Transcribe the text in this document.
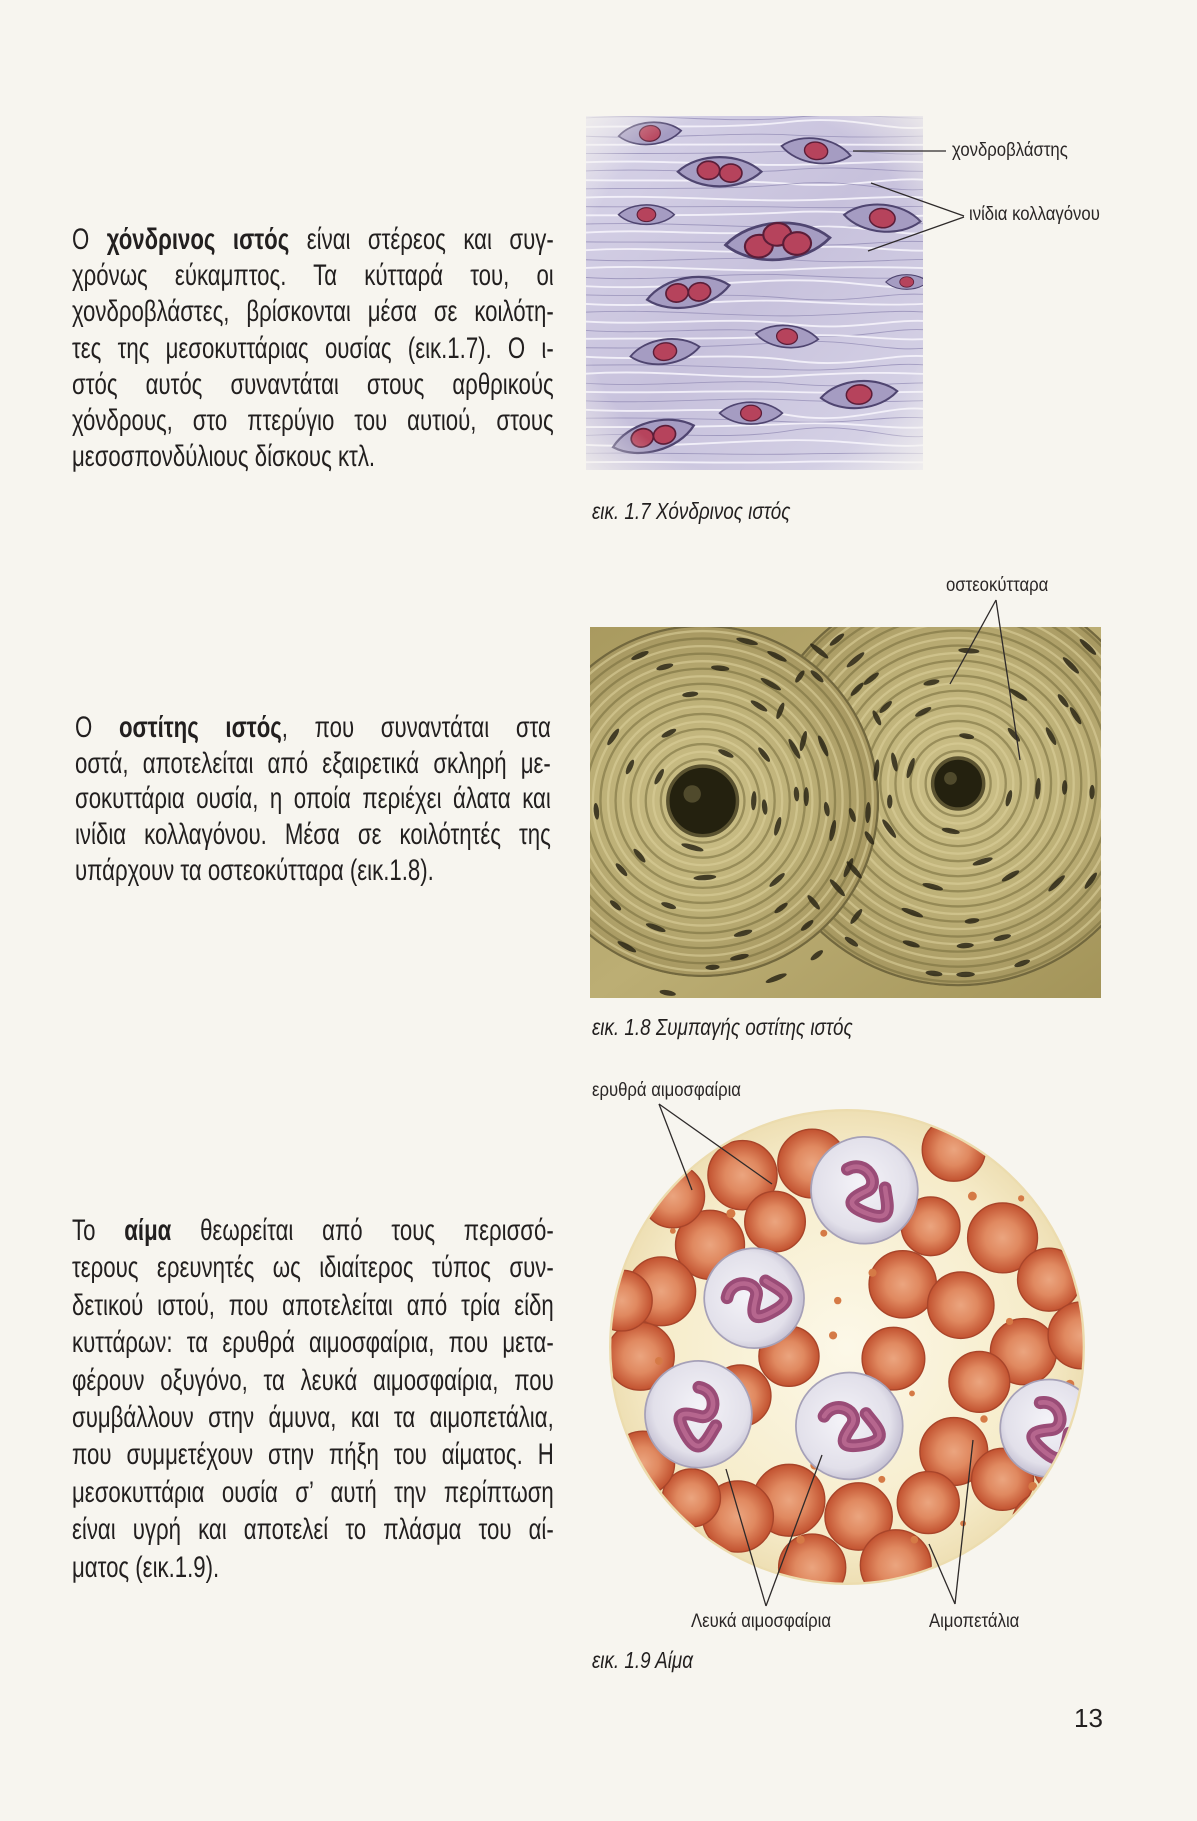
Ο χόνδρινος ιστός είναι στέρεος και συγ-
χρόνως εύκαμπτος. Τα κύτταρά του, οι
χονδροβλάστες, βρίσκονται μέσα σε κοιλότη-
τες της μεσοκυττάριας ουσίας (εικ.1.7). Ο ι-
στός αυτός συναντάται στους αρθρικούς
χόνδρους, στο πτερύγιο του αυτιού, στους
μεσοσπονδύλιους δίσκους κτλ.
χονδροβλάστης
ινίδια κολλαγόνου
εικ. 1.7 Χόνδρινος ιστός
Ο οστίτης ιστός, που συναντάται στα
οστά, αποτελείται από εξαιρετικά σκληρή με-
σοκυττάρια ουσία, η οποία περιέχει άλατα και
ινίδια κολλαγόνου. Μέσα σε κοιλότητές της
υπάρχουν τα οστεοκύτταρα (εικ.1.8).
οστεοκύτταρα
εικ. 1.8 Συμπαγής οστίτης ιστός
Το αίμα θεωρείται από τους περισσό-
τερους ερευνητές ως ιδιαίτερος τύπος συν-
δετικού ιστού, που αποτελείται από τρία είδη
κυττάρων: τα ερυθρά αιμοσφαίρια, που μετα-
φέρουν οξυγόνο, τα λευκά αιμοσφαίρια, που
συμβάλλουν στην άμυνα, και τα αιμοπετάλια,
που συμμετέχουν στην πήξη του αίματος. Η
μεσοκυττάρια ουσία σ’ αυτή την περίπτωση
είναι υγρή και αποτελεί το πλάσμα του αί-
ματος (εικ.1.9).
ερυθρά αιμοσφαίρια
Λευκά αιμοσφαίρια	Αιμοπετάλια
εικ. 1.9 Αίμα
13
